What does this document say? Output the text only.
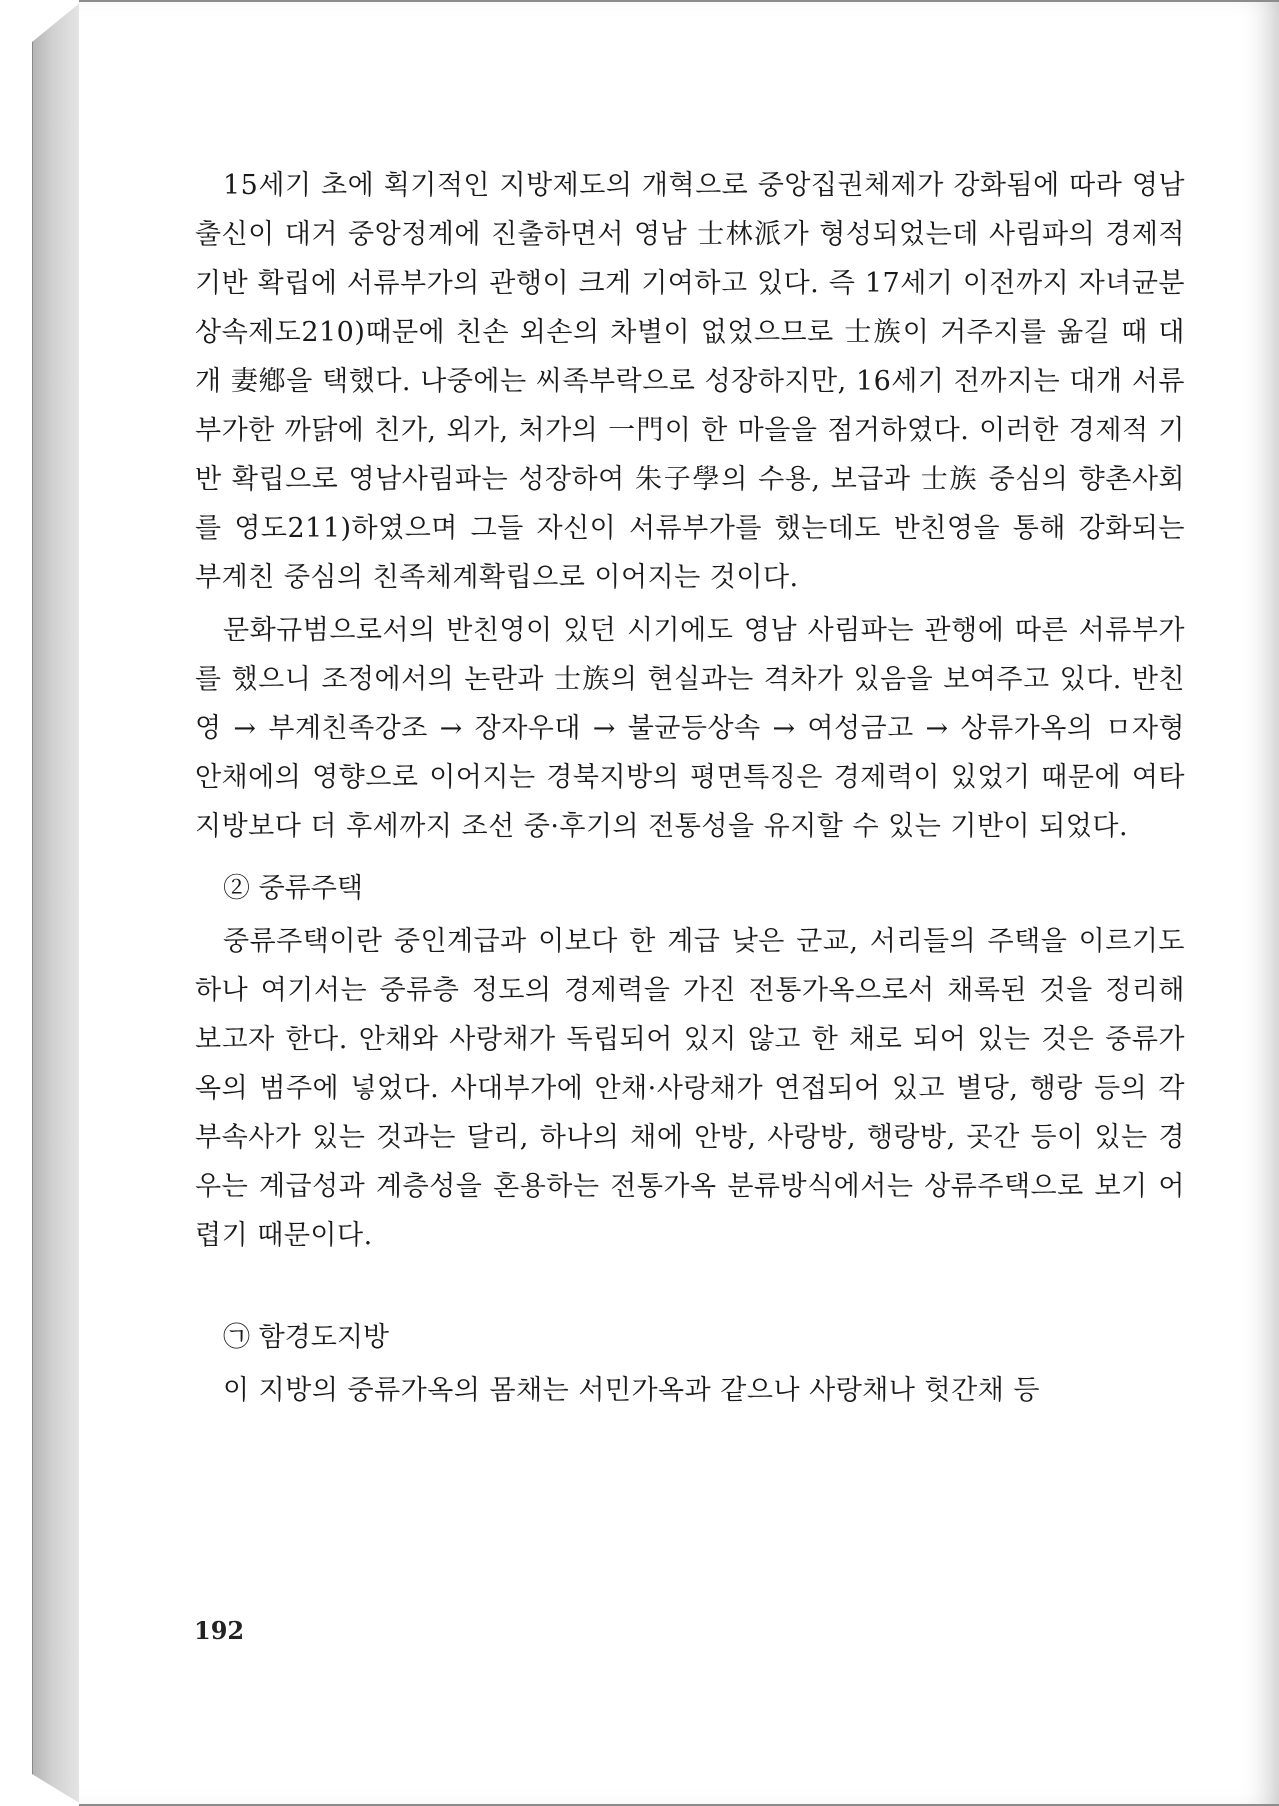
15세기 초에 획기적인 지방제도의 개혁으로 중앙집권체제가 강화됨에 따라 영남출신이 대거 중앙정계에 진출하면서 영남 士林派가 형성되었는데 사림파의 경제적 기반 확립에 서류부가의 관행이 크게 기여하고 있다. 즉 17세기 이전까지 자녀균분 상속제도210)때문에 친손 외손의 차별이 없었으므로 士族이 거주지를 옮길 때 대개 妻鄕을 택했다. 나중에는 씨족부락으로 성장하지만, 16세기 전까지는 대개 서류부가한 까닭에 친가, 외가, 처가의 一門이 한 마을을 점거하였다. 이러한 경제적 기반 확립으로 영남사림파는 성장하여 朱子學의 수용, 보급과 士族 중심의 향촌사회를 영도211)하였으며 그들 자신이 서류부가를 했는데도 반친영을 통해 강화되는 부계친 중심의 친족체계확립으로 이어지는 것이다.

문화규범으로서의 반친영이 있던 시기에도 영남 사림파는 관행에 따른 서류부가를 했으니 조정에서의 논란과 士族의 현실과는 격차가 있음을 보여주고 있다. 반친영 → 부계친족강조 → 장자우대 → 불균등상속 → 여성금고 → 상류가옥의 ㅁ자형 안채에의 영향으로 이어지는 경북지방의 평면특징은 경제력이 있었기 때문에 여타지방보다 더 후세까지 조선 중·후기의 전통성을 유지할 수 있는 기반이 되었다.

② 중류주택

중류주택이란 중인계급과 이보다 한 계급 낮은 군교, 서리들의 주택을 이르기도 하나 여기서는 중류층 정도의 경제력을 가진 전통가옥으로서 채록된 것을 정리해 보고자 한다. 안채와 사랑채가 독립되어 있지 않고 한 채로 되어 있는 것은 중류가옥의 범주에 넣었다. 사대부가에 안채·사랑채가 연접되어 있고 별당, 행랑 등의 각 부속사가 있는 것과는 달리, 하나의 채에 안방, 사랑방, 행랑방, 곳간 등이 있는 경우는 계급성과 계층성을 혼용하는 전통가옥 분류방식에서는 상류주택으로 보기 어렵기 때문이다.

㉠ 함경도지방

이 지방의 중류가옥의 몸채는 서민가옥과 같으나 사랑채나 헛간채 등

192
